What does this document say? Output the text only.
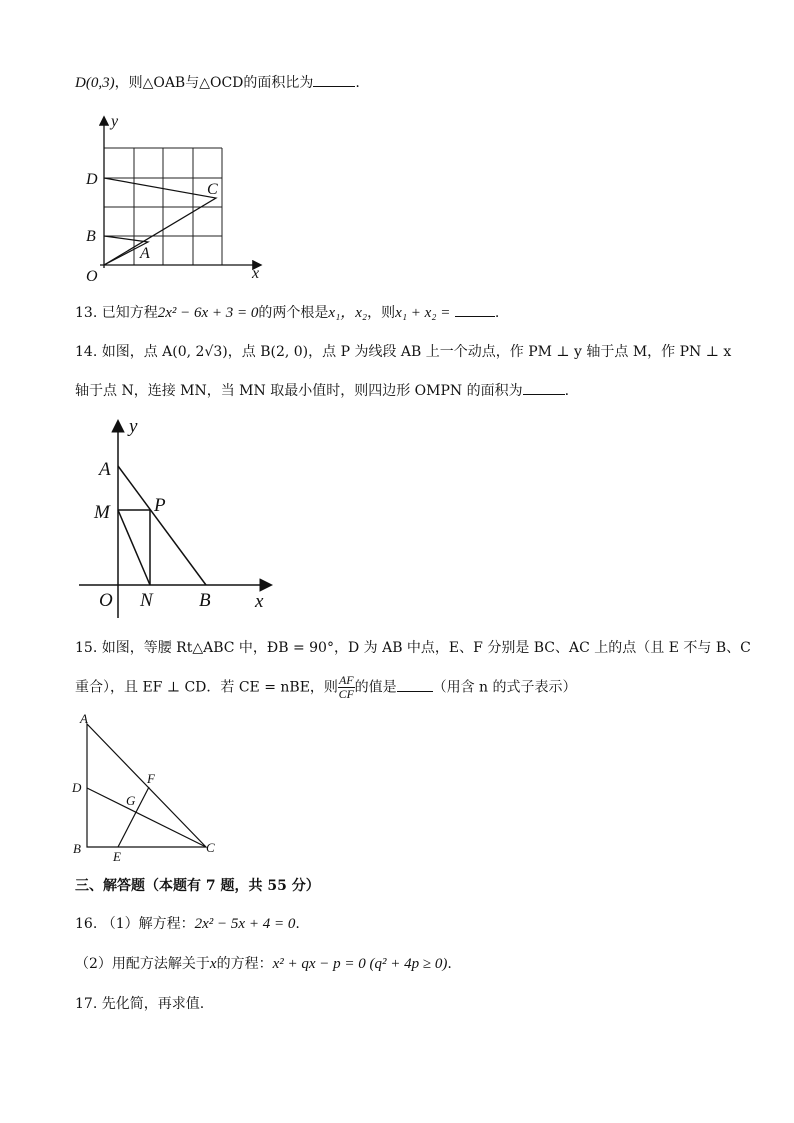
D(0,3)，则△OAB与△OCD的面积比为	.
y
x
O
A
B
C
D
13. 已知方程2x² − 6x + 3 = 0的两个根是x₁，x₂，则x₁ + x₂ =	.
14. 如图，点 A(0, 2√3)，点 B(2, 0)，点 P 为线段 AB 上一个动点，作 PM ⊥ y 轴于点 M，作 PN ⊥ x
轴于点 N，连接 MN，当 MN 取最小值时，则四边形 OMPN 的面积为	.
y
x
O
A
M P
N B
15. 如图，等腰 Rt△ABC 中，ÐB = 90°，D 为 AB 中点，E、F 分别是 BC、AC 上的点（且 E 不与 B、C
重合），且 EF ⊥ CD．若 CE = nBE，则 $\frac{AF}{CF}$ 的值是	（用含 n 的式子表示）
A
D
B
E
C
F
G
三、解答题（本题有 7 题，共 55 分）
16. （1）解方程：2x² − 5x + 4 = 0.
（2）用配方法解关于x的方程：x² + qx − p = 0 (q² + 4p ≥ 0).
17. 先化简，再求值.
